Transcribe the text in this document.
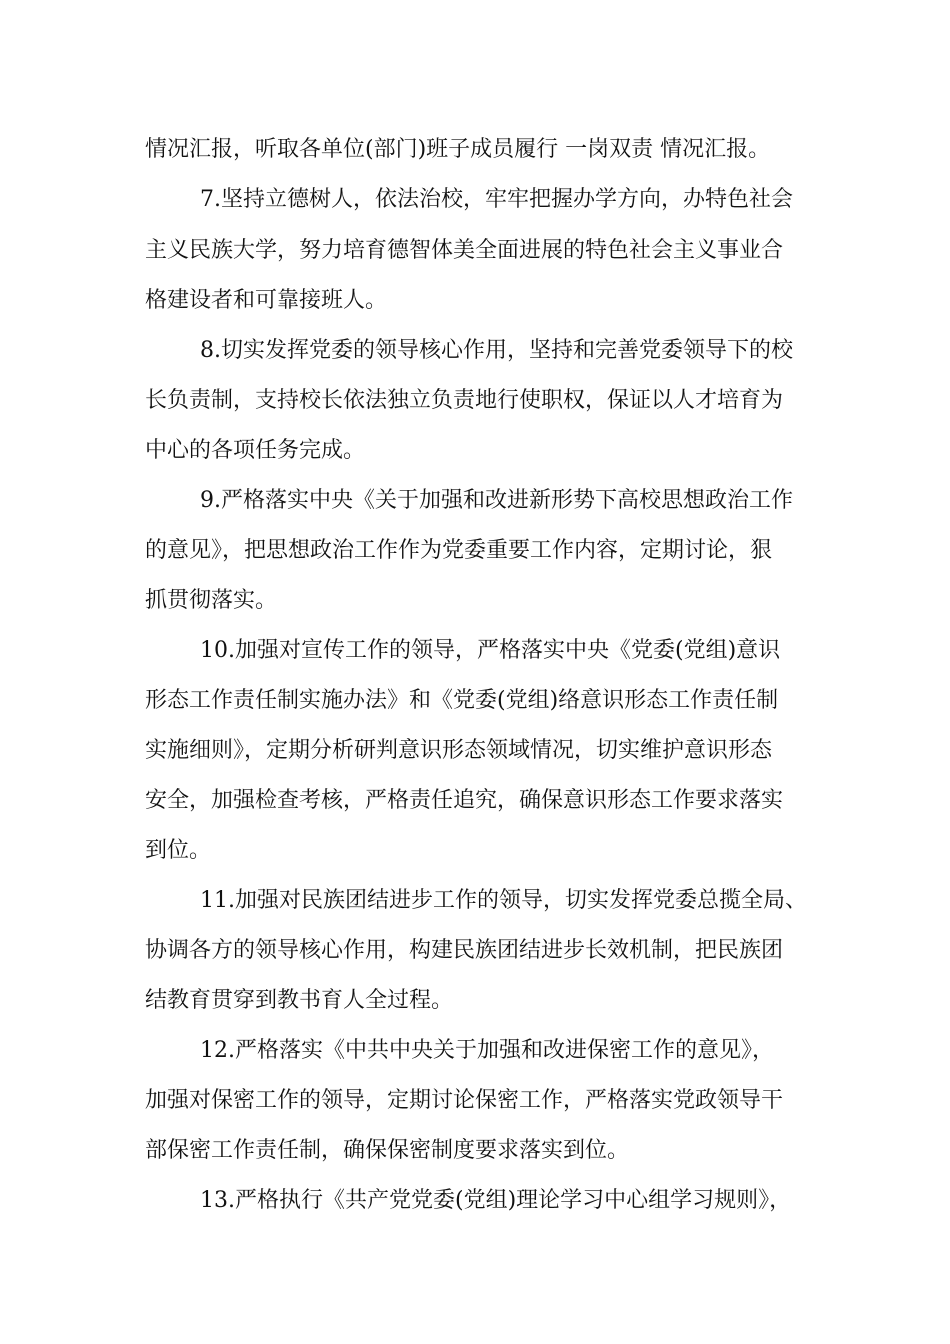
情况汇报，听取各单位(部门)班子成员履行 一岗双责 情况汇报。
7.坚持立德树人，依法治校，牢牢把握办学方向，办特色社会
主义民族大学，努力培育德智体美全面进展的特色社会主义事业合
格建设者和可靠接班人。
8.切实发挥党委的领导核心作用，坚持和完善党委领导下的校
长负责制，支持校长依法独立负责地行使职权，保证以人才培育为
中心的各项任务完成。
9.严格落实中央《关于加强和改进新形势下高校思想政治工作
的意见》，把思想政治工作作为党委重要工作内容，定期讨论，狠
抓贯彻落实。
10.加强对宣传工作的领导，严格落实中央《党委(党组)意识
形态工作责任制实施办法》和《党委(党组)络意识形态工作责任制
实施细则》，定期分析研判意识形态领域情况，切实维护意识形态
安全，加强检查考核，严格责任追究，确保意识形态工作要求落实
到位。
11.加强对民族团结进步工作的领导，切实发挥党委总揽全局、
协调各方的领导核心作用，构建民族团结进步长效机制，把民族团
结教育贯穿到教书育人全过程。
12.严格落实《中共中央关于加强和改进保密工作的意见》，
加强对保密工作的领导，定期讨论保密工作，严格落实党政领导干
部保密工作责任制，确保保密制度要求落实到位。
13.严格执行《共产党党委(党组)理论学习中心组学习规则》，
